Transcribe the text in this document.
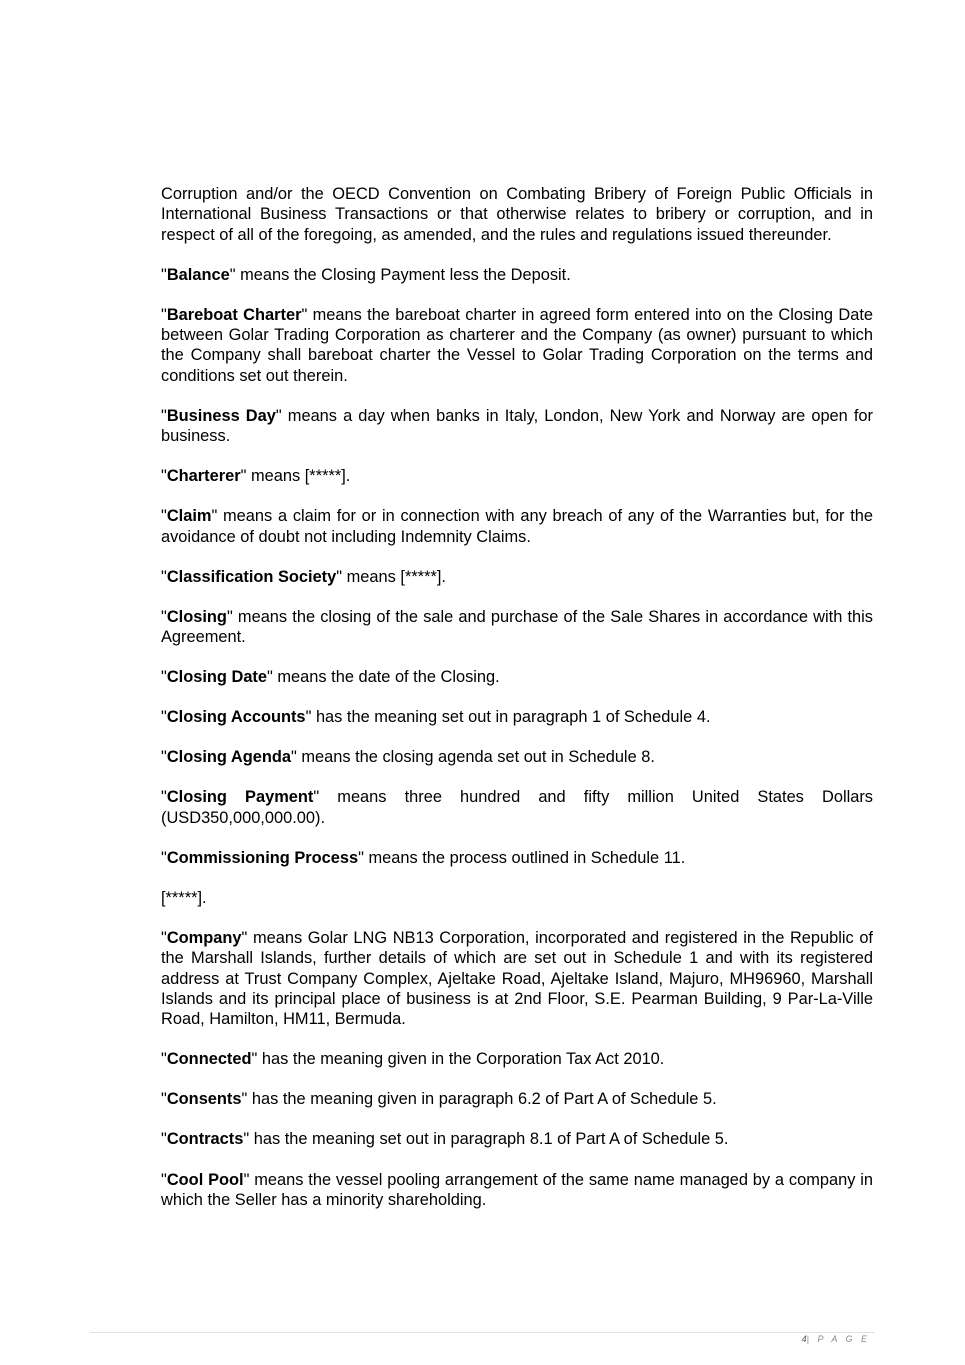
Corruption and/or the OECD Convention on Combating Bribery of Foreign Public Officials in International Business Transactions or that otherwise relates to bribery or corruption, and in respect of all of the foregoing, as amended, and the rules and regulations issued thereunder.

"Balance" means the Closing Payment less the Deposit.

"Bareboat Charter" means the bareboat charter in agreed form entered into on the Closing Date between Golar Trading Corporation as charterer and the Company (as owner) pursuant to which the Company shall bareboat charter the Vessel to Golar Trading Corporation on the terms and conditions set out therein.

"Business Day" means a day when banks in Italy, London, New York and Norway are open for business.

"Charterer" means [*****].

"Claim" means a claim for or in connection with any breach of any of the Warranties but, for the avoidance of doubt not including Indemnity Claims.

"Classification Society" means [*****].

"Closing" means the closing of the sale and purchase of the Sale Shares in accordance with this Agreement.

"Closing Date" means the date of the Closing.

"Closing Accounts" has the meaning set out in paragraph 1 of Schedule 4.

"Closing Agenda" means the closing agenda set out in Schedule 8.

"Closing Payment" means three hundred and fifty million United States Dollars (USD350,000,000.00).

"Commissioning Process" means the process outlined in Schedule 11.

[*****].

"Company" means Golar LNG NB13 Corporation, incorporated and registered in the Republic of the Marshall Islands, further details of which are set out in Schedule 1 and with its registered address at Trust Company Complex, Ajeltake Road, Ajeltake Island, Majuro, MH96960, Marshall Islands and its principal place of business is at 2nd Floor, S.E. Pearman Building, 9 Par-La-Ville Road, Hamilton, HM11, Bermuda.

"Connected" has the meaning given in the Corporation Tax Act 2010.

"Consents" has the meaning given in paragraph 6.2 of Part A of Schedule 5.

"Contracts" has the meaning set out in paragraph 8.1 of Part A of Schedule 5.

"Cool Pool" means the vessel pooling arrangement of the same name managed by a company in which the Seller has a minority shareholding.

4| P A G E
